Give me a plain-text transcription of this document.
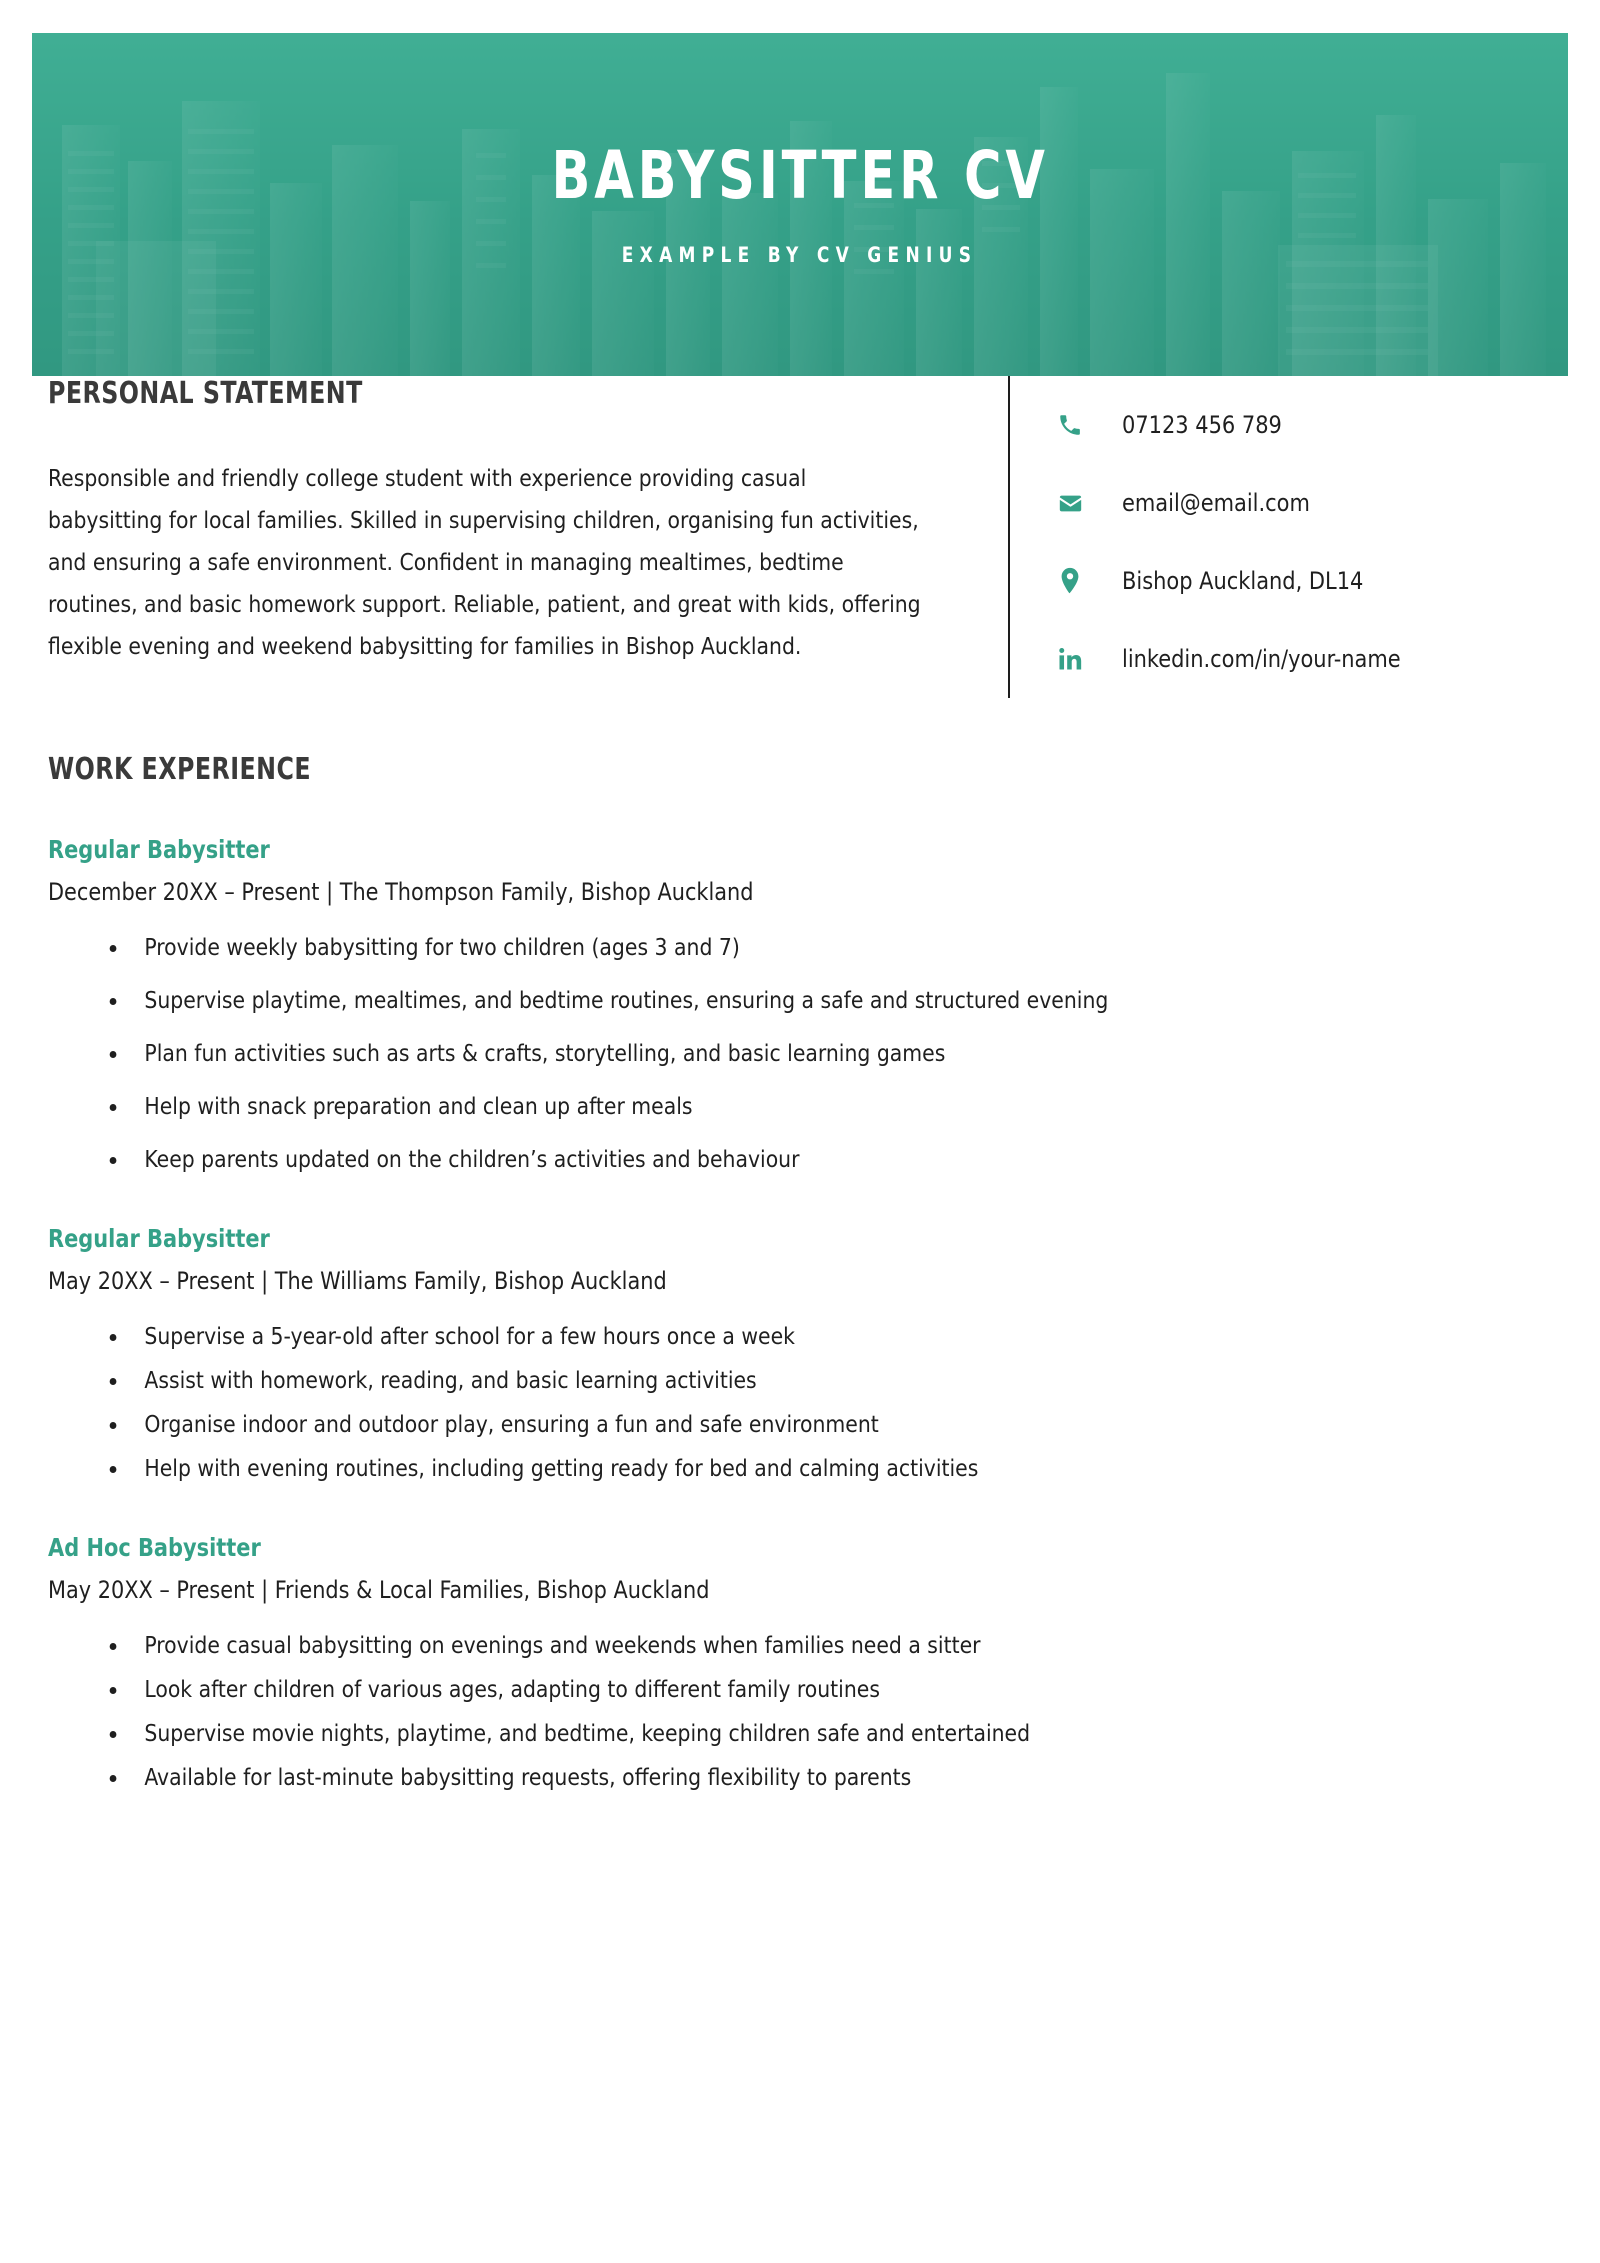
BABYSITTER CV
EXAMPLE BY CV GENIUS
PERSONAL STATEMENT

Responsible and friendly college student with experience providing casual babysitting for local families. Skilled in supervising children, organising fun activities, and ensuring a safe environment. Confident in managing mealtimes, bedtime routines, and basic homework support. Reliable, patient, and great with kids, offering flexible evening and weekend babysitting for families in Bishop Auckland.

07123 456 789
email@email.com
Bishop Auckland, DL14
linkedin.com/in/your-name
WORK EXPERIENCE
Regular Babysitter
December 20XX – Present | The Thompson Family, Bishop Auckland
Provide weekly babysitting for two children (ages 3 and 7)
Supervise playtime, mealtimes, and bedtime routines, ensuring a safe and structured evening
Plan fun activities such as arts & crafts, storytelling, and basic learning games
Help with snack preparation and clean up after meals
Keep parents updated on the children’s activities and behaviour
Regular Babysitter
May 20XX – Present | The Williams Family, Bishop Auckland
Supervise a 5-year-old after school for a few hours once a week
Assist with homework, reading, and basic learning activities
Organise indoor and outdoor play, ensuring a fun and safe environment
Help with evening routines, including getting ready for bed and calming activities
Ad Hoc Babysitter
May 20XX – Present | Friends & Local Families, Bishop Auckland
Provide casual babysitting on evenings and weekends when families need a sitter
Look after children of various ages, adapting to different family routines
Supervise movie nights, playtime, and bedtime, keeping children safe and entertained
Available for last-minute babysitting requests, offering flexibility to parents
